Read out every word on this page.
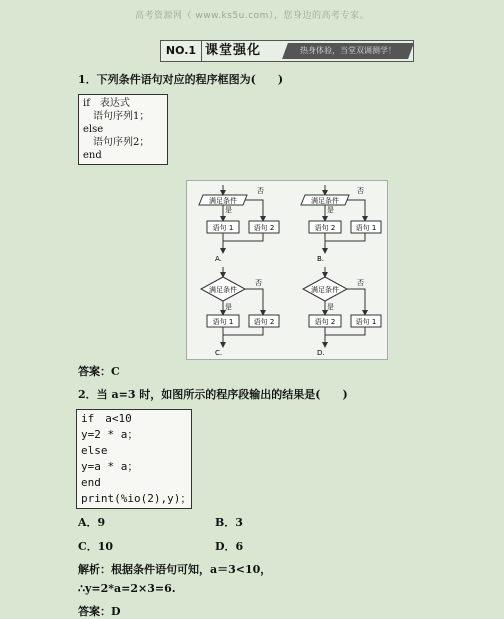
高考资源网（ www.ks5u.com），您身边的高考专家。
NO.1 课堂强化	热身体验，当堂双调测学！
1．下列条件语句对应的程序框图为(　　)
if　表达式
　语句序列1；
else
　语句序列2；
end
满足条件
否
是
语句 1	语句 2
A.
满足条件
否
是
语句 2	语句 1
B.
满足条件
否
是
语句 1	语句 2
C.
满足条件
否
是
语句 2	语句 1
D.
答案：C
2．当 a=3 时，如图所示的程序段输出的结果是(　　)
if　a<10
y=2 * a；
else
y=a * a；
end
print(%io(2),y)；
A．9	B．3
C．10	D．6
解析：根据条件语句可知，a＝3<10，
∴y=2*a=2×3=6.
答案：D
